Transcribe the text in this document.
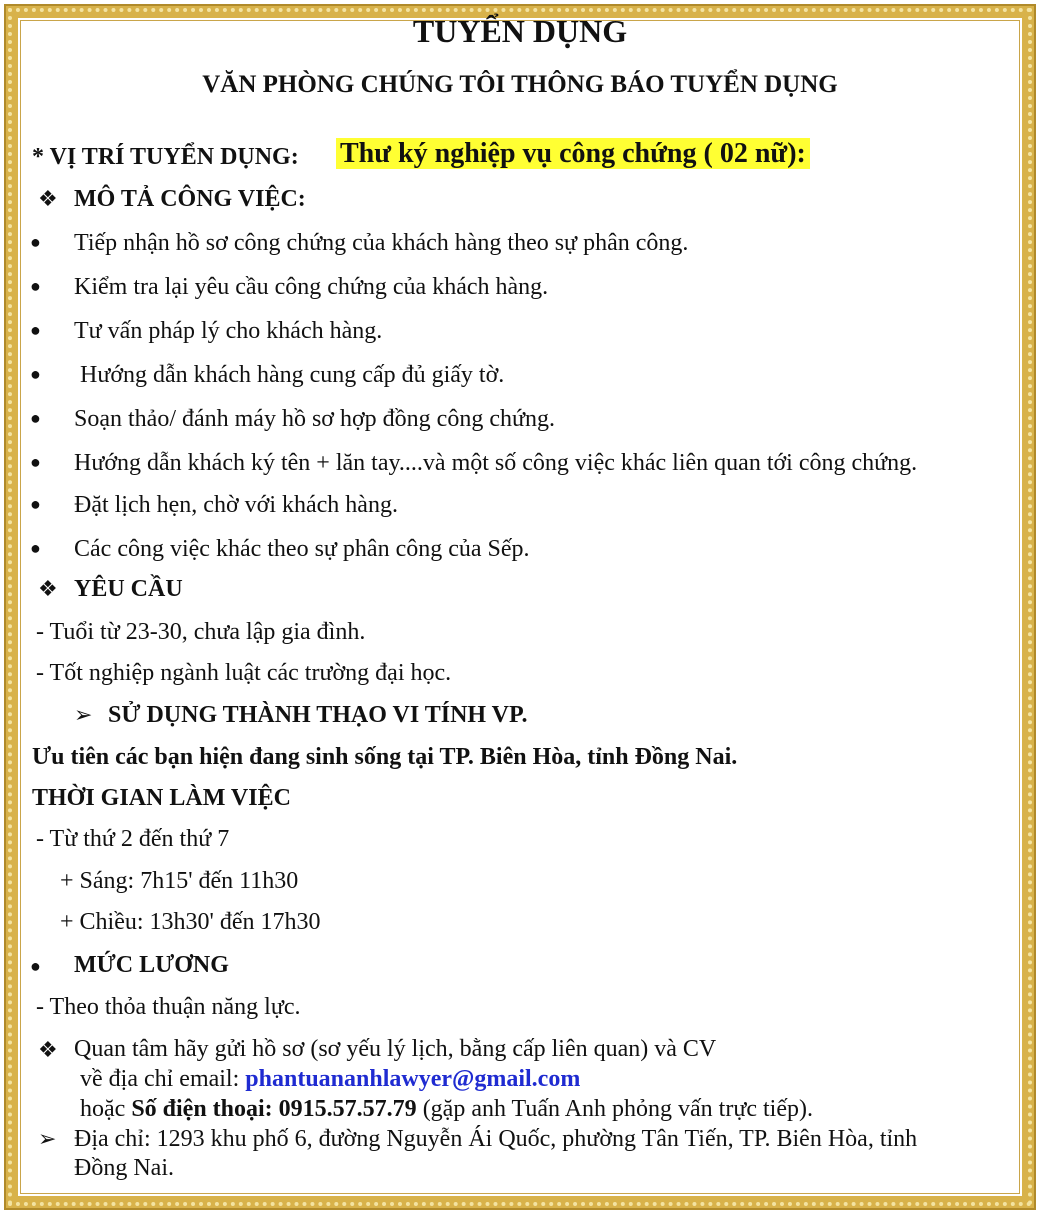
TUYỂN DỤNG
VĂN PHÒNG CHÚNG TÔI THÔNG BÁO TUYỂN DỤNG
* VỊ TRÍ TUYỂN DỤNG: Thư ký nghiệp vụ công chứng ( 02 nữ):
❖ MÔ TẢ CÔNG VIỆC:
● Tiếp nhận hồ sơ công chứng của khách hàng theo sự phân công.
● Kiểm tra lại yêu cầu công chứng của khách hàng.
● Tư vấn pháp lý cho khách hàng.
● Hướng dẫn khách hàng cung cấp đủ giấy tờ.
● Soạn thảo/ đánh máy hồ sơ hợp đồng công chứng.
● Hướng dẫn khách ký tên + lăn tay....và một số công việc khác liên quan tới công chứng.
● Đặt lịch hẹn, chờ với khách hàng.
● Các công việc khác theo sự phân công của Sếp.
❖ YÊU CẦU
- Tuổi từ 23-30, chưa lập gia đình.
- Tốt nghiệp ngành luật các trường đại học.
➢ SỬ DỤNG THÀNH THẠO VI TÍNH VP.
Ưu tiên các bạn hiện đang sinh sống tại TP. Biên Hòa, tỉnh Đồng Nai.
THỜI GIAN LÀM VIỆC
- Từ thứ 2 đến thứ 7
+ Sáng: 7h15' đến 11h30
+ Chiều: 13h30' đến 17h30
● MỨC LƯƠNG
- Theo thỏa thuận năng lực.
❖ Quan tâm hãy gửi hồ sơ (sơ yếu lý lịch, bằng cấp liên quan) và CV
về địa chỉ email: phantuananhlawyer@gmail.com
hoặc Số điện thoại: 0915.57.57.79 (gặp anh Tuấn Anh phỏng vấn trực tiếp).
➢ Địa chỉ: 1293 khu phố 6, đường Nguyễn Ái Quốc, phường Tân Tiến, TP. Biên Hòa, tỉnh
Đồng Nai.
